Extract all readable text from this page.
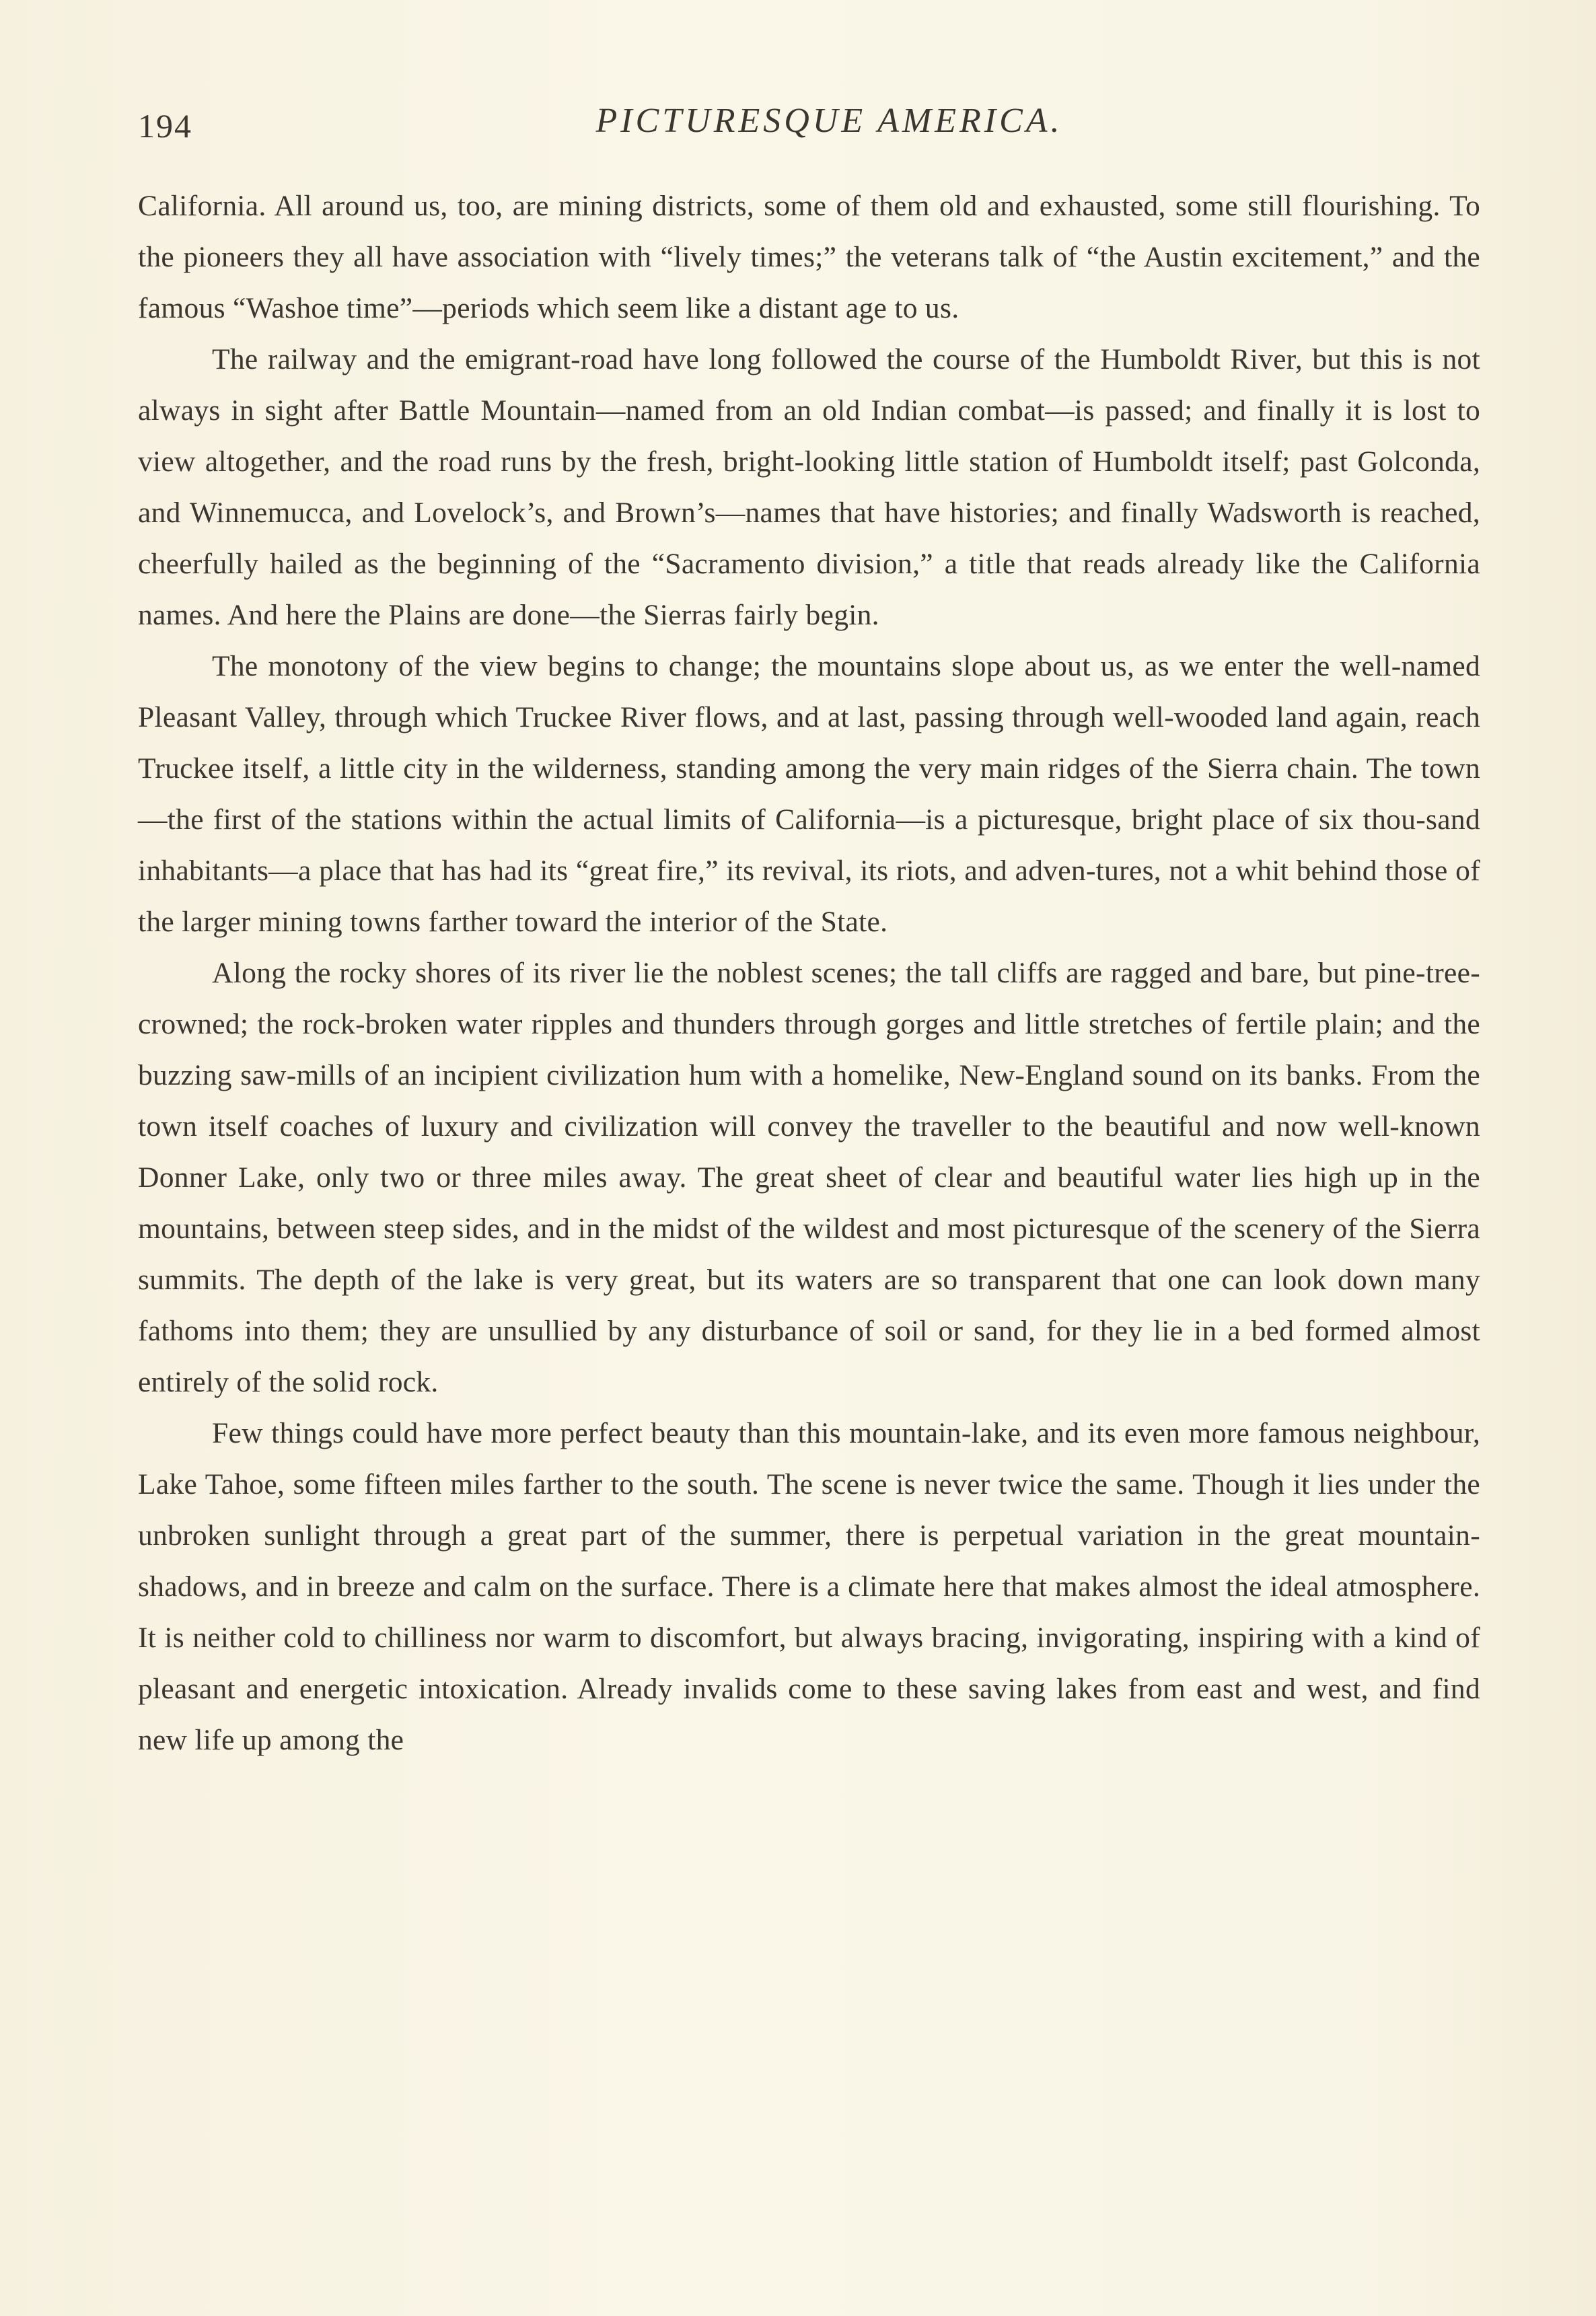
194	PICTURESQUE AMERICA.

California. All around us, too, are mining districts, some of them old and exhausted, some still flourishing. To the pioneers they all have association with “lively times;” the veterans talk of “the Austin excitement,” and the famous “Washoe time”—periods which seem like a distant age to us.

The railway and the emigrant-road have long followed the course of the Humboldt River, but this is not always in sight after Battle Mountain—named from an old Indian combat—is passed; and finally it is lost to view altogether, and the road runs by the fresh, bright-looking little station of Humboldt itself; past Golconda, and Winnemucca, and Lovelock’s, and Brown’s—names that have histories; and finally Wadsworth is reached, cheerfully hailed as the beginning of the “Sacramento division,” a title that reads already like the California names. And here the Plains are done—the Sierras fairly begin.

The monotony of the view begins to change; the mountains slope about us, as we enter the well-named Pleasant Valley, through which Truckee River flows, and at last, passing through well-wooded land again, reach Truckee itself, a little city in the wilderness, standing among the very main ridges of the Sierra chain. The town—the first of the stations within the actual limits of California—is a picturesque, bright place of six thou-sand inhabitants—a place that has had its “great fire,” its revival, its riots, and adven-tures, not a whit behind those of the larger mining towns farther toward the interior of the State.

Along the rocky shores of its river lie the noblest scenes; the tall cliffs are ragged and bare, but pine-tree-crowned; the rock-broken water ripples and thunders through gorges and little stretches of fertile plain; and the buzzing saw-mills of an incipient civilization hum with a homelike, New-England sound on its banks. From the town itself coaches of luxury and civilization will convey the traveller to the beautiful and now well-known Donner Lake, only two or three miles away. The great sheet of clear and beautiful water lies high up in the mountains, between steep sides, and in the midst of the wildest and most picturesque of the scenery of the Sierra summits. The depth of the lake is very great, but its waters are so transparent that one can look down many fathoms into them; they are unsullied by any disturbance of soil or sand, for they lie in a bed formed almost entirely of the solid rock.

Few things could have more perfect beauty than this mountain-lake, and its even more famous neighbour, Lake Tahoe, some fifteen miles farther to the south. The scene is never twice the same. Though it lies under the unbroken sunlight through a great part of the summer, there is perpetual variation in the great mountain-shadows, and in breeze and calm on the surface. There is a climate here that makes almost the ideal atmosphere. It is neither cold to chilliness nor warm to discomfort, but always bracing, invigorating, inspiring with a kind of pleasant and energetic intoxication. Already invalids come to these saving lakes from east and west, and find new life up among the
